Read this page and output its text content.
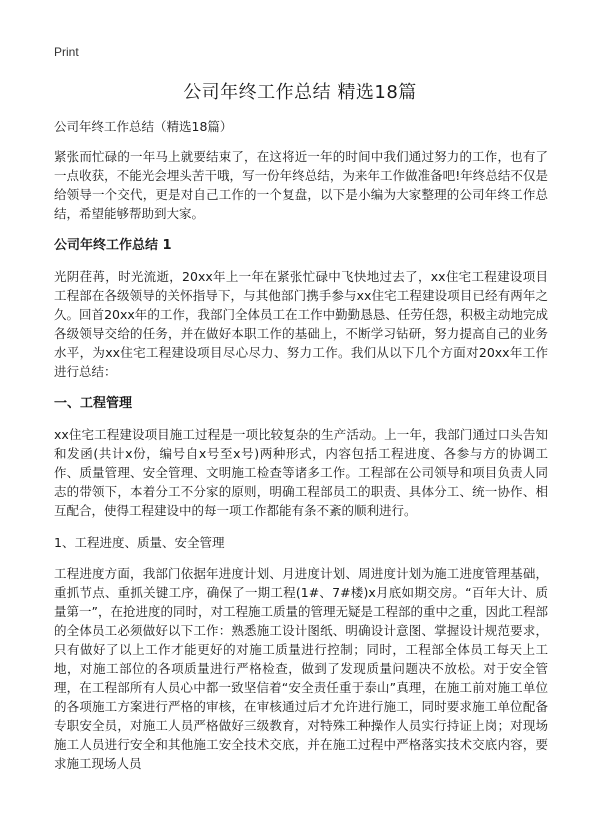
Print
公司年终工作总结 精选18篇
公司年终工作总结（精选18篇）

紧张而忙碌的一年马上就要结束了，在这将近一年的时间中我们通过努力的工作，也有了一点收获，不能光会埋头苦干哦，写一份年终总结，为来年工作做准备吧!年终总结不仅是给领导一个交代，更是对自己工作的一个复盘，以下是小编为大家整理的公司年终工作总结，希望能够帮助到大家。

公司年终工作总结 1

光阴荏苒，时光流逝，20xx年上一年在紧张忙碌中飞快地过去了，xx住宅工程建设项目工程部在各级领导的关怀指导下，与其他部门携手参与xx住宅工程建设项目已经有两年之久。回首20xx年的工作，我部门全体员工在工作中勤勤恳恳、任劳任怨，积极主动地完成各级领导交给的任务，并在做好本职工作的基础上，不断学习钻研，努力提高自己的业务水平，为xx住宅工程建设项目尽心尽力、努力工作。我们从以下几个方面对20xx年工作进行总结：

一、工程管理

xx住宅工程建设项目施工过程是一项比较复杂的生产活动。上一年，我部门通过口头告知和发函(共计x份，编号自x号至x号)两种形式，内容包括工程进度、各参与方的协调工作、质量管理、安全管理、文明施工检查等诸多工作。工程部在公司领导和项目负责人同志的带领下，本着分工不分家的原则，明确工程部员工的职责、具体分工、统一协作、相互配合，使得工程建设中的每一项工作都能有条不紊的顺利进行。

1、工程进度、质量、安全管理

工程进度方面，我部门依据年进度计划、月进度计划、周进度计划为施工进度管理基础，重抓节点、重抓关键工序，确保了一期工程(1#、7#楼)x月底如期交房。“百年大计、质量第一”，在抢进度的同时，对工程施工质量的管理无疑是工程部的重中之重，因此工程部的全体员工必须做好以下工作：熟悉施工设计图纸、明确设计意图、掌握设计规范要求，只有做好了以上工作才能更好的对施工质量进行控制；同时，工程部全体员工每天上工地，对施工部位的各项质量进行严格检查，做到了发现质量问题决不放松。对于安全管理，在工程部所有人员心中都一致坚信着“安全责任重于泰山”真理，在施工前对施工单位的各项施工方案进行严格的审核，在审核通过后才允许进行施工，同时要求施工单位配备专职安全员，对施工人员严格做好三级教育，对特殊工种操作人员实行持证上岗；对现场施工人员进行安全和其他施工安全技术交底，并在施工过程中严格落实技术交底内容，要求施工现场人员
